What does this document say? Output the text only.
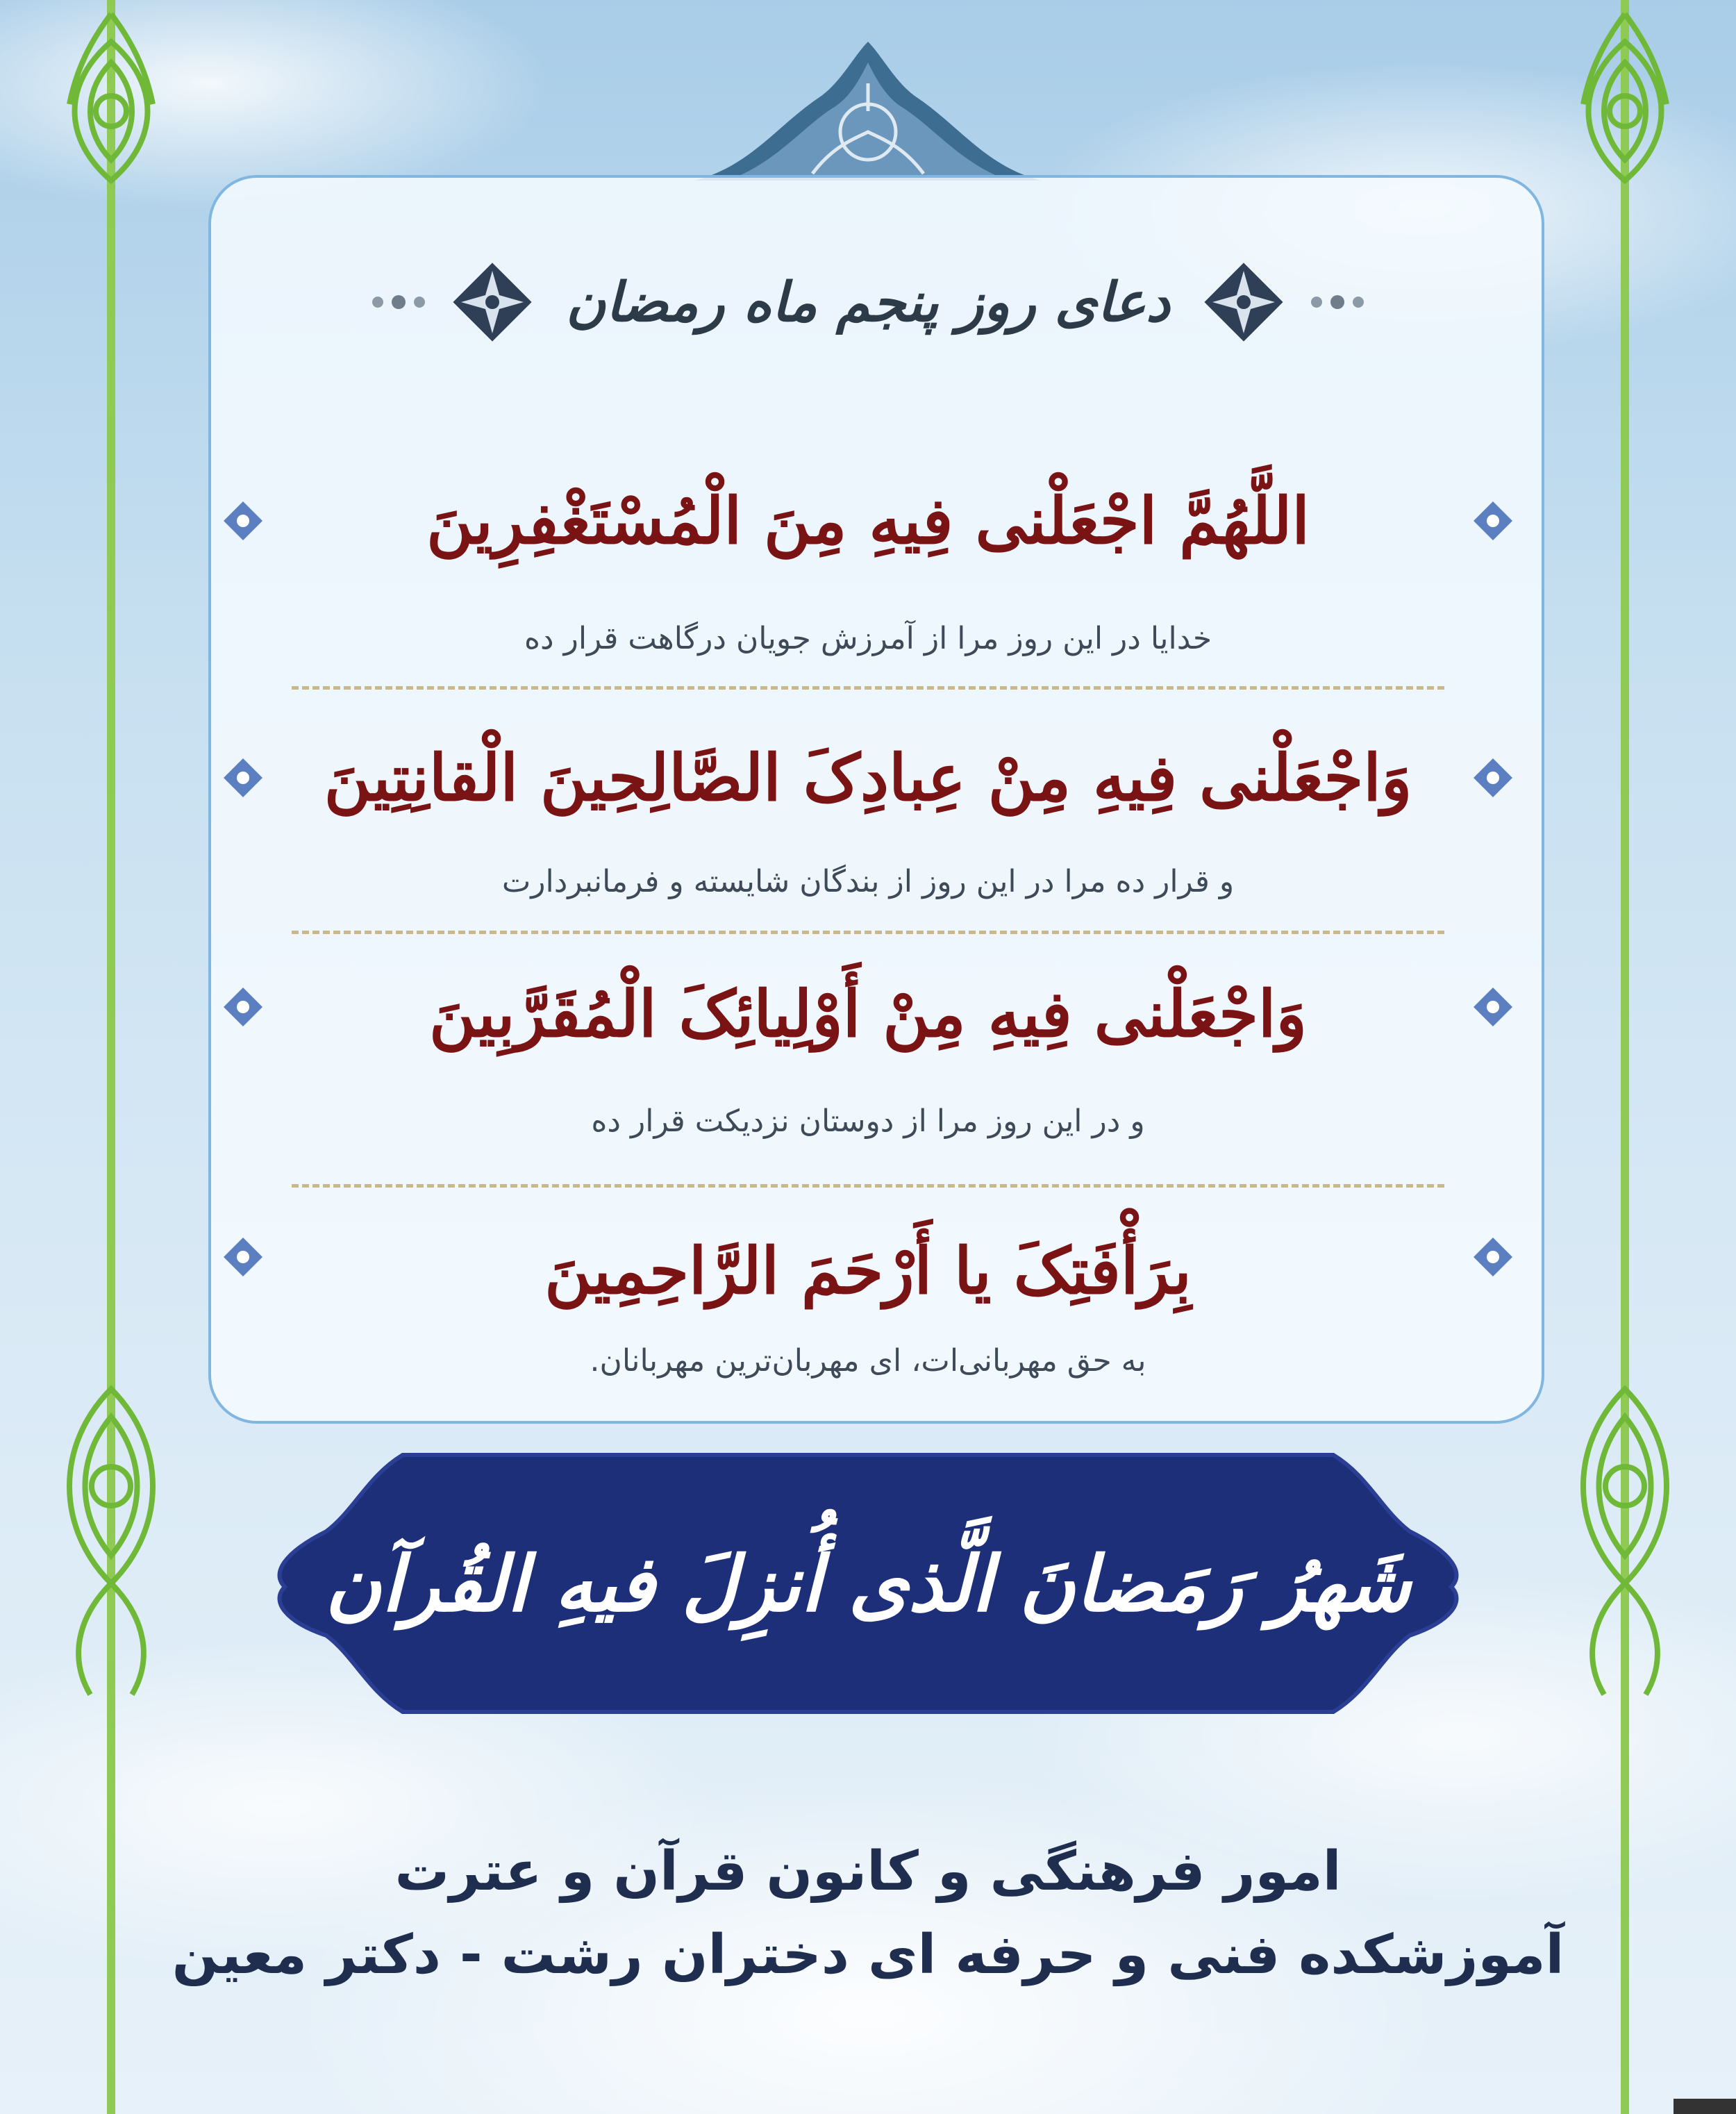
دعای روز پنجم ماه رمضان
اللَّهُمَّ اجْعَلْنی فِیهِ مِنَ الْمُسْتَغْفِرِینَ
خدایا در این روز مرا از آمرزش جویان درگاهت قرار ده
وَاجْعَلْنی فِیهِ مِنْ عِبادِکَ الصَّالِحِینَ الْقانِتِینَ
و قرار ده مرا در این روز از بندگان شایسته و فرمانبردارت
وَاجْعَلْنی فِیهِ مِنْ أَوْلِیائِکَ الْمُقَرَّبِینَ
و در این روز مرا از دوستان نزدیکت قرار ده
بِرَأْفَتِکَ یا أَرْحَمَ الرَّاحِمِینَ
به حق مهربانی‌ات، ای مهربان‌ترین مهربانان.
شَهرُ رَمَضانَ الَّذی أُنزِلَ فیهِ القُرآن
امور فرهنگی و کانون قرآن و عترت
آموزشکده فنی و حرفه ای دختران رشت - دکتر معین
